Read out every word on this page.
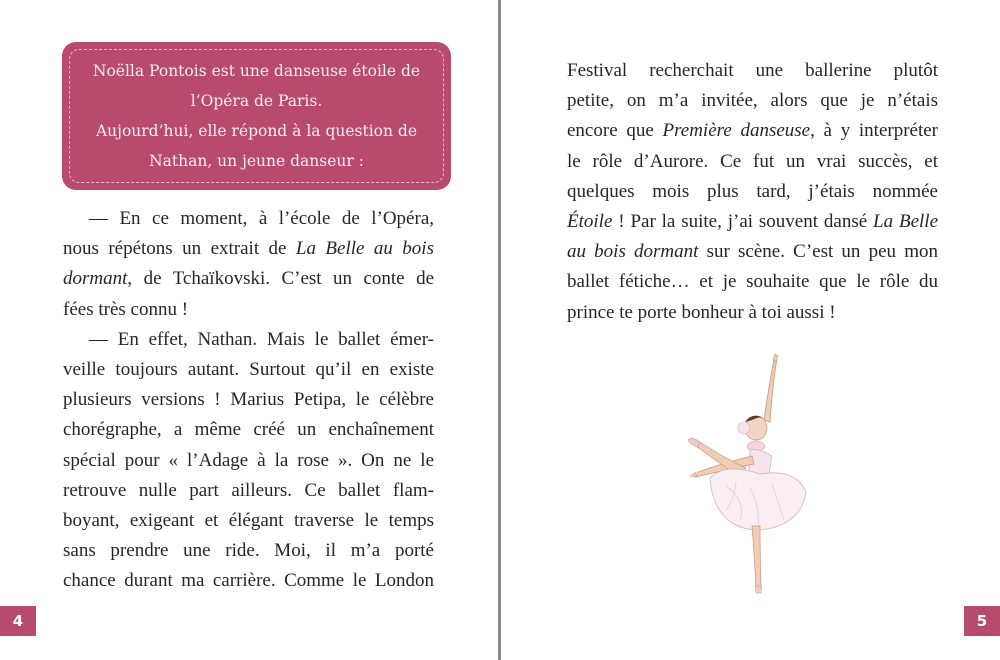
Noëlla Pontois est une danseuse étoile de
l’Opéra de Paris.
Aujourd’hui, elle répond à la question de
Nathan, un jeune danseur :
— En ce moment, à l’école de l’Opéra,
nous répétons un extrait de La Belle au bois
dormant, de Tchaïkovski. C’est un conte de
fées très connu !
— En effet, Nathan. Mais le ballet émer-
veille toujours autant. Surtout qu’il en existe
plusieurs versions ! Marius Petipa, le célèbre
chorégraphe, a même créé un enchaînement
spécial pour « l’Adage à la rose ». On ne le
retrouve nulle part ailleurs. Ce ballet flam-
boyant, exigeant et élégant traverse le temps
sans prendre une ride. Moi, il m’a porté
chance durant ma carrière. Comme le London
4
Festival recherchait une ballerine plutôt
petite, on m’a invitée, alors que je n’étais
encore que Première danseuse, à y interpréter
le rôle d’Aurore. Ce fut un vrai succès, et
quelques mois plus tard, j’étais nommée
Étoile ! Par la suite, j’ai souvent dansé La Belle
au bois dormant sur scène. C’est un peu mon
ballet fétiche… et je souhaite que le rôle du
prince te porte bonheur à toi aussi !
5
